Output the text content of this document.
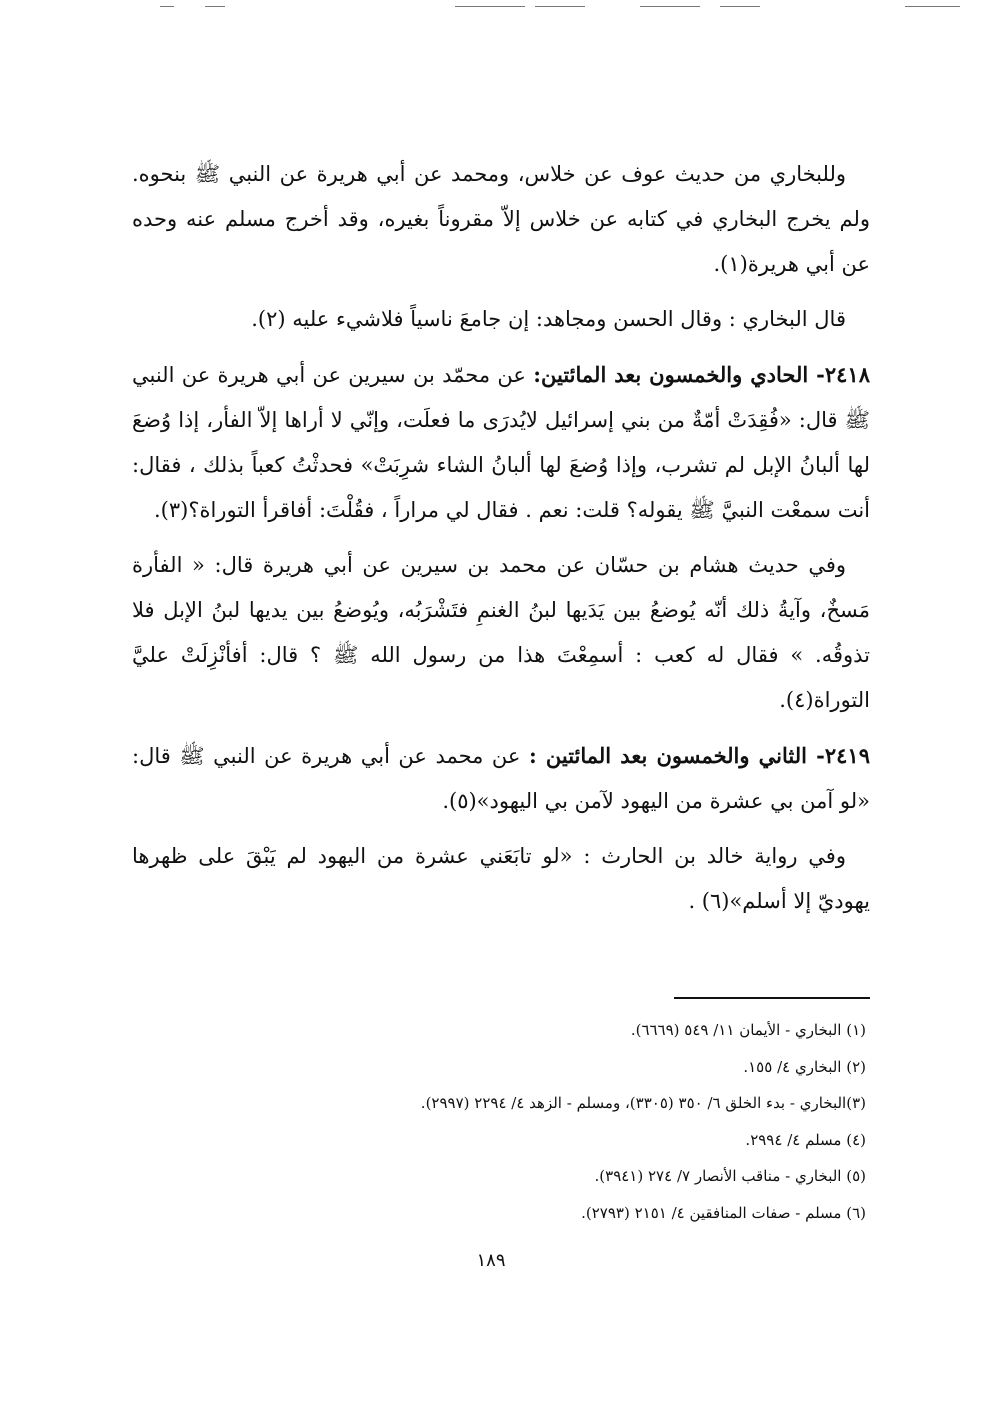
وللبخاري من حديث عوف عن خلاس، ومحمد عن أبي هريرة عن النبي ﷺ بنحوه. ولم يخرج البخاري في كتابه عن خلاس إلاّ مقروناً بغيره، وقد أخرج مسلم عنه وحده عن أبي هريرة(١).

قال البخاري : وقال الحسن ومجاهد: إن جامعَ ناسياً فلاشيء عليه (٢).

٢٤١٨- الحادي والخمسون بعد المائتين: عن محمّد بن سيرين عن أبي هريرة عن النبي ﷺ قال: «فُقِدَتْ أمّةٌ من بني إسرائيل لايُدرَى ما فعلَت، وإنّي لا أراها إلاّ الفأر، إذا وُضعَ لها ألبانُ الإبل لم تشرب، وإذا وُضعَ لها ألبانُ الشاء شرِبَتْ» فحدثْتُ كعباً بذلك ، فقال: أنت سمعْت النبيَّ ﷺ يقوله؟ قلت: نعم . فقال لي مراراً ، فقُلْتَ: أفاقرأ التوراة؟(٣).

وفي حديث هشام بن حسّان عن محمد بن سيرين عن أبي هريرة قال: « الفأرة مَسخٌ، وآيةُ ذلك أنّه يُوضعُ بين يَدَيها لبنُ الغنمِ فتَشْرَبُه، ويُوضعُ بين يديها لبنُ الإبل فلا تذوقُه. » فقال له كعب : أسمِعْتَ هذا من رسول الله ﷺ ؟ قال: أفأنْزِلَتْ عليَّ التوراة(٤).

٢٤١٩- الثاني والخمسون بعد المائتين : عن محمد عن أبي هريرة عن النبي ﷺ قال: «لو آمن بي عشرة من اليهود لآمن بي اليهود»(٥).

وفي رواية خالد بن الحارث : «لو تابَعَني عشرة من اليهود لم يَبْقَ على ظهرها يهوديّ إلا أسلم»(٦) .

(١) البخاري - الأيمان ١١/ ٥٤٩ (٦٦٦٩).

(٢) البخاري ٤/ ١٥٥.

(٣)البخاري - بدء الخلق ٦/ ٣٥٠ (٣٣٠٥)، ومسلم - الزهد ٤/ ٢٢٩٤ (٢٩٩٧).

(٤) مسلم ٤/ ٢٩٩٤.

(٥) البخاري - مناقب الأنصار ٧/ ٢٧٤ (٣٩٤١).

(٦) مسلم - صفات المنافقين ٤/ ٢١٥١ (٢٧٩٣).

١٨٩
